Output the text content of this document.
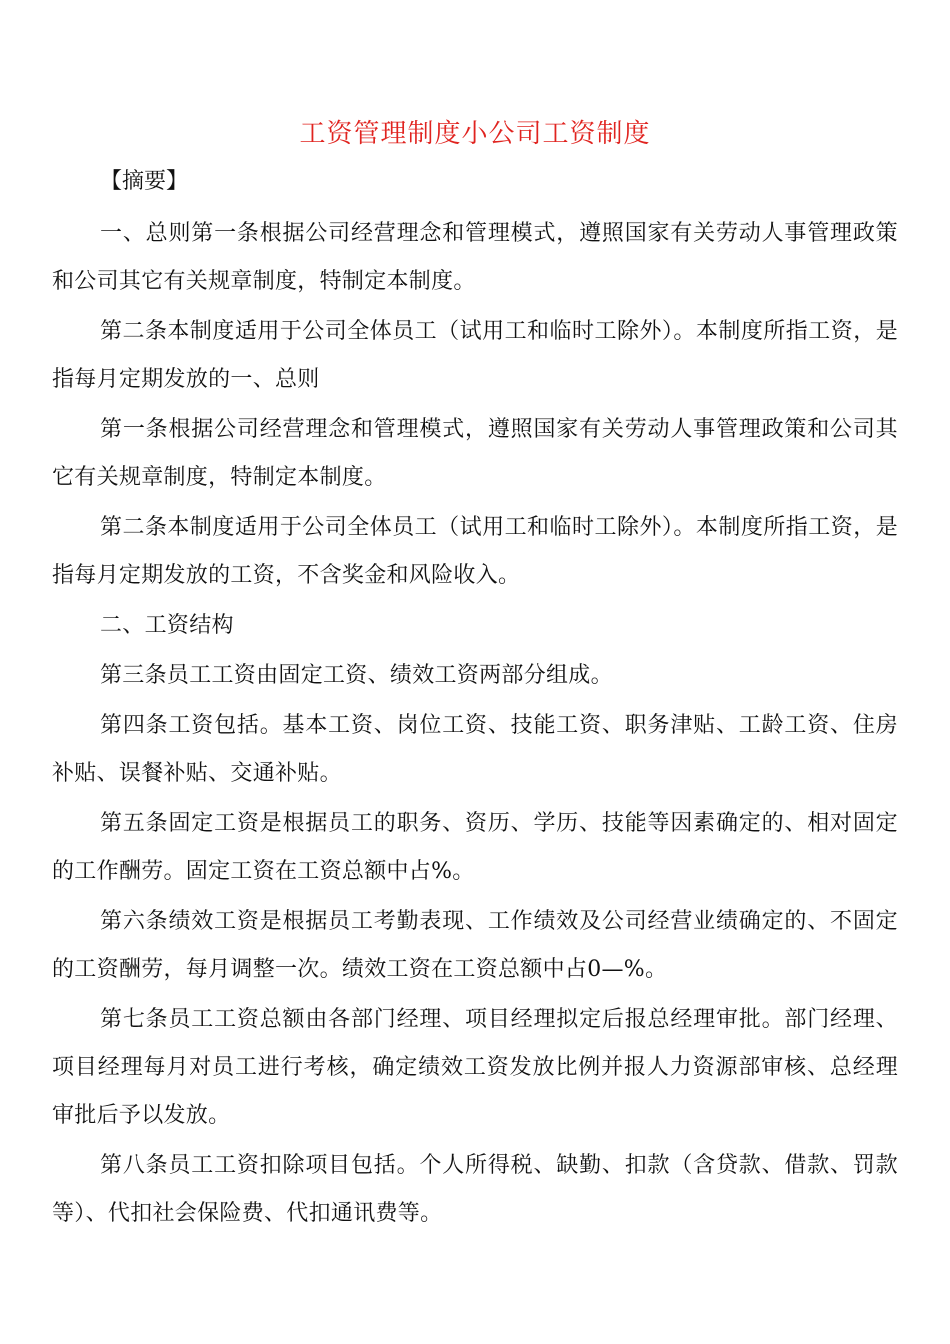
工资管理制度小公司工资制度
【摘要】

一、总则第一条根据公司经营理念和管理模式，遵照国家有关劳动人事管理政策和公司其它有关规章制度，特制定本制度。

第二条本制度适用于公司全体员工（试用工和临时工除外）。本制度所指工资，是指每月定期发放的一、总则

第一条根据公司经营理念和管理模式，遵照国家有关劳动人事管理政策和公司其它有关规章制度，特制定本制度。

第二条本制度适用于公司全体员工（试用工和临时工除外）。本制度所指工资，是指每月定期发放的工资，不含奖金和风险收入。

二、工资结构

第三条员工工资由固定工资、绩效工资两部分组成。

第四条工资包括。基本工资、岗位工资、技能工资、职务津贴、工龄工资、住房补贴、误餐补贴、交通补贴。

第五条固定工资是根据员工的职务、资历、学历、技能等因素确定的、相对固定的工作酬劳。固定工资在工资总额中占%。

第六条绩效工资是根据员工考勤表现、工作绩效及公司经营业绩确定的、不固定的工资酬劳，每月调整一次。绩效工资在工资总额中占0—%。

第七条员工工资总额由各部门经理、项目经理拟定后报总经理审批。部门经理、项目经理每月对员工进行考核，确定绩效工资发放比例并报人力资源部审核、总经理审批后予以发放。

第八条员工工资扣除项目包括。个人所得税、缺勤、扣款（含贷款、借款、罚款等）、代扣社会保险费、代扣通讯费等。
